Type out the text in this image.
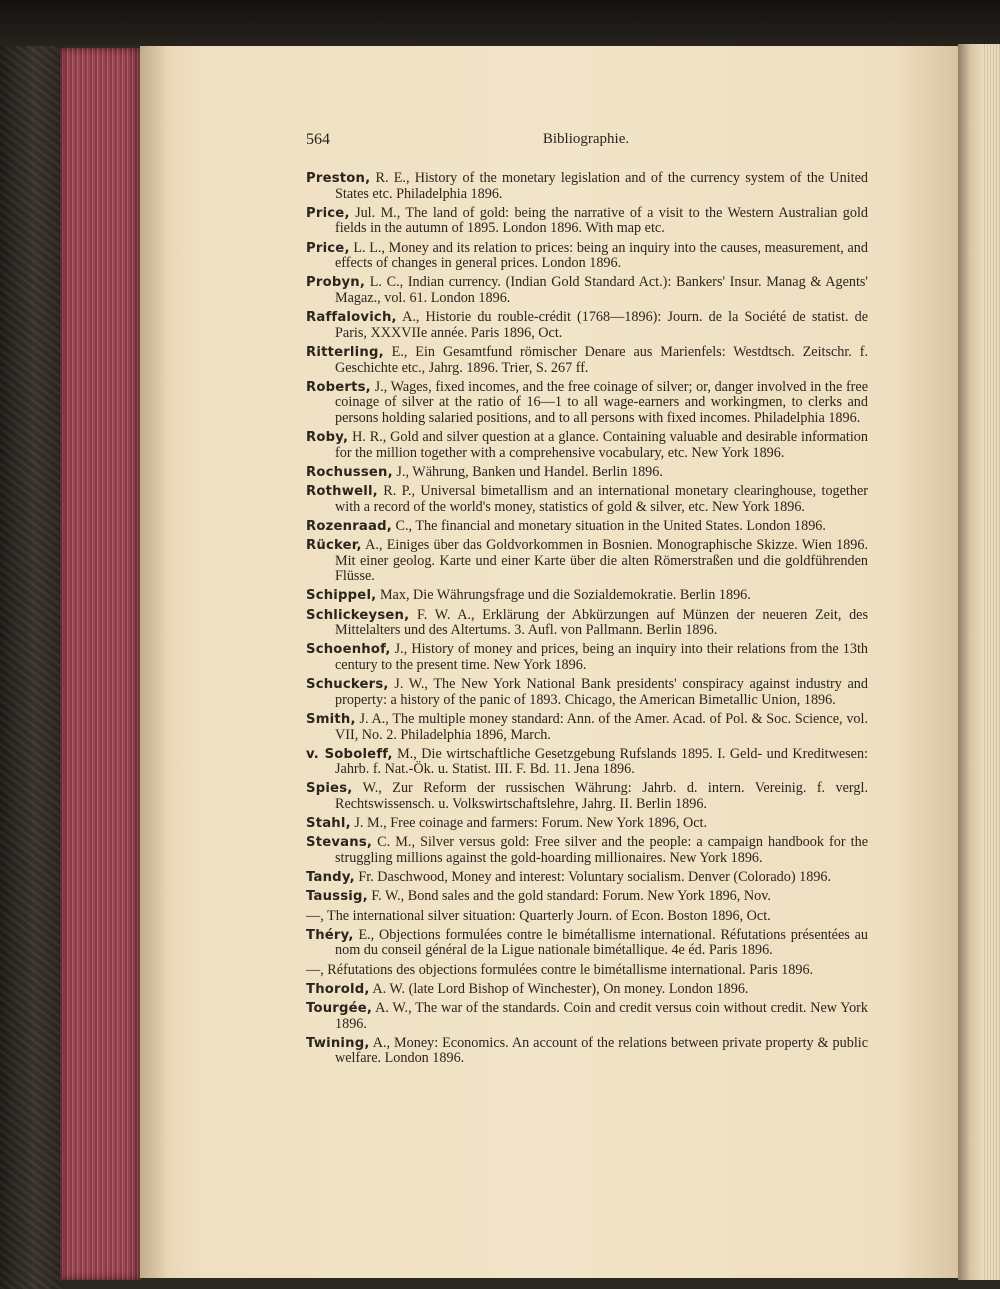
564	Bibliographie.
Preston, R. E., History of the monetary legislation and of the currency system of the United States etc. Philadelphia 1896.
Price, Jul. M., The land of gold: being the narrative of a visit to the Western Australian gold fields in the autumn of 1895. London 1896. With map etc.
Price, L. L., Money and its relation to prices: being an inquiry into the causes, measurement, and effects of changes in general prices. London 1896.
Probyn, L. C., Indian currency. (Indian Gold Standard Act.): Bankers' Insur. Manag & Agents' Magaz., vol. 61. London 1896.
Raffalovich, A., Historie du rouble-crédit (1768—1896): Journ. de la Société de statist. de Paris, XXXVIIe année. Paris 1896, Oct.
Ritterling, E., Ein Gesamtfund römischer Denare aus Marienfels: Westdtsch. Zeitschr. f. Geschichte etc., Jahrg. 1896. Trier, S. 267 ff.
Roberts, J., Wages, fixed incomes, and the free coinage of silver; or, danger involved in the free coinage of silver at the ratio of 16—1 to all wage-earners and workingmen, to clerks and persons holding salaried positions, and to all persons with fixed incomes. Philadelphia 1896.
Roby, H. R., Gold and silver question at a glance. Containing valuable and desirable information for the million together with a comprehensive vocabulary, etc. New York 1896.
Rochussen, J., Währung, Banken und Handel. Berlin 1896.
Rothwell, R. P., Universal bimetallism and an international monetary clearinghouse, together with a record of the world's money, statistics of gold & silver, etc. New York 1896.
Rozenraad, C., The financial and monetary situation in the United States. London 1896.
Rücker, A., Einiges über das Goldvorkommen in Bosnien. Monographische Skizze. Wien 1896. Mit einer geolog. Karte und einer Karte über die alten Römerstraßen und die goldführenden Flüsse.
Schippel, Max, Die Währungsfrage und die Sozialdemokratie. Berlin 1896.
Schlickeysen, F. W. A., Erklärung der Abkürzungen auf Münzen der neueren Zeit, des Mittelalters und des Altertums. 3. Aufl. von Pallmann. Berlin 1896.
Schoenhof, J., History of money and prices, being an inquiry into their relations from the 13th century to the present time. New York 1896.
Schuckers, J. W., The New York National Bank presidents' conspiracy against industry and property: a history of the panic of 1893. Chicago, the American Bimetallic Union, 1896.
Smith, J. A., The multiple money standard: Ann. of the Amer. Acad. of Pol. & Soc. Science, vol. VII, No. 2. Philadelphia 1896, March.
v. Soboleff, M., Die wirtschaftliche Gesetzgebung Rufslands 1895. I. Geld- und Kreditwesen: Jahrb. f. Nat.-Ök. u. Statist. III. F. Bd. 11. Jena 1896.
Spies, W., Zur Reform der russischen Währung: Jahrb. d. intern. Vereinig. f. vergl. Rechtswissensch. u. Volkswirtschaftslehre, Jahrg. II. Berlin 1896.
Stahl, J. M., Free coinage and farmers: Forum. New York 1896, Oct.
Stevans, C. M., Silver versus gold: Free silver and the people: a campaign handbook for the struggling millions against the gold-hoarding millionaires. New York 1896.
Tandy, Fr. Daschwood, Money and interest: Voluntary socialism. Denver (Colorado) 1896.
Taussig, F. W., Bond sales and the gold standard: Forum. New York 1896, Nov.
—, The international silver situation: Quarterly Journ. of Econ. Boston 1896, Oct.
Théry, E., Objections formulées contre le bimétallisme international. Réfutations présentées au nom du conseil général de la Ligue nationale bimétallique. 4e éd. Paris 1896.
—, Réfutations des objections formulées contre le bimétallisme international. Paris 1896.
Thorold, A. W. (late Lord Bishop of Winchester), On money. London 1896.
Tourgée, A. W., The war of the standards. Coin and credit versus coin without credit. New York 1896.
Twining, A., Money: Economics. An account of the relations between private property & public welfare. London 1896.
